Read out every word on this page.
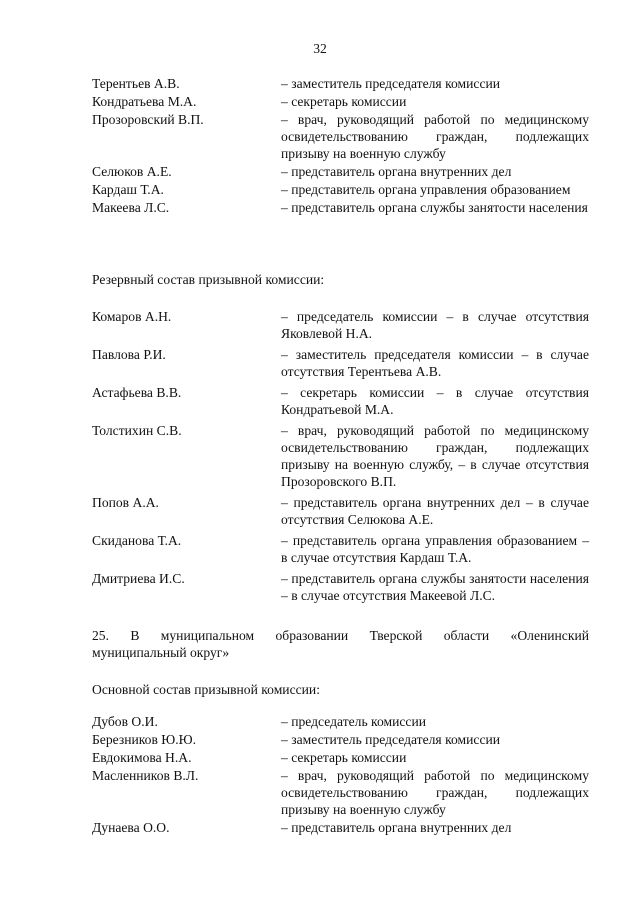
32
Терентьев А.В.	– заместитель председателя комиссии
Кондратьева М.А.	– секретарь комиссии
Прозоровский В.П.	– врач, руководящий работой по медицинскому освидетельствованию граждан, подлежащих призыву на военную службу
Селюков А.Е.	– представитель органа внутренних дел
Кардаш Т.А.	– представитель органа управления образованием
Макеева Л.С.	– представитель органа службы занятости населения
Резервный состав призывной комиссии:
Комаров А.Н.	– председатель комиссии – в случае отсутствия Яковлевой Н.А.
Павлова Р.И.	– заместитель председателя комиссии – в случае отсутствия Терентьева А.В.
Астафьева В.В.	– секретарь комиссии – в случае отсутствия Кондратьевой М.А.
Толстихин С.В.	– врач, руководящий работой по медицинскому освидетельствованию граждан, подлежащих призыву на военную службу, – в случае отсутствия Прозоровского В.П.
Попов А.А.	– представитель органа внутренних дел – в случае отсутствия Селюкова А.Е.
Скиданова Т.А.	– представитель органа управления образованием – в случае отсутствия Кардаш Т.А.
Дмитриева И.С.	– представитель органа службы занятости населения – в случае отсутствия Макеевой Л.С.
25. В муниципальном образовании Тверской области «Оленинский
муниципальный округ»
Основной состав призывной комиссии:
Дубов О.И.	– председатель комиссии
Березников Ю.Ю.	– заместитель председателя комиссии
Евдокимова Н.А.	– секретарь комиссии
Масленников В.Л.	– врач, руководящий работой по медицинскому освидетельствованию граждан, подлежащих призыву на военную службу
Дунаева О.О.	– представитель органа внутренних дел
